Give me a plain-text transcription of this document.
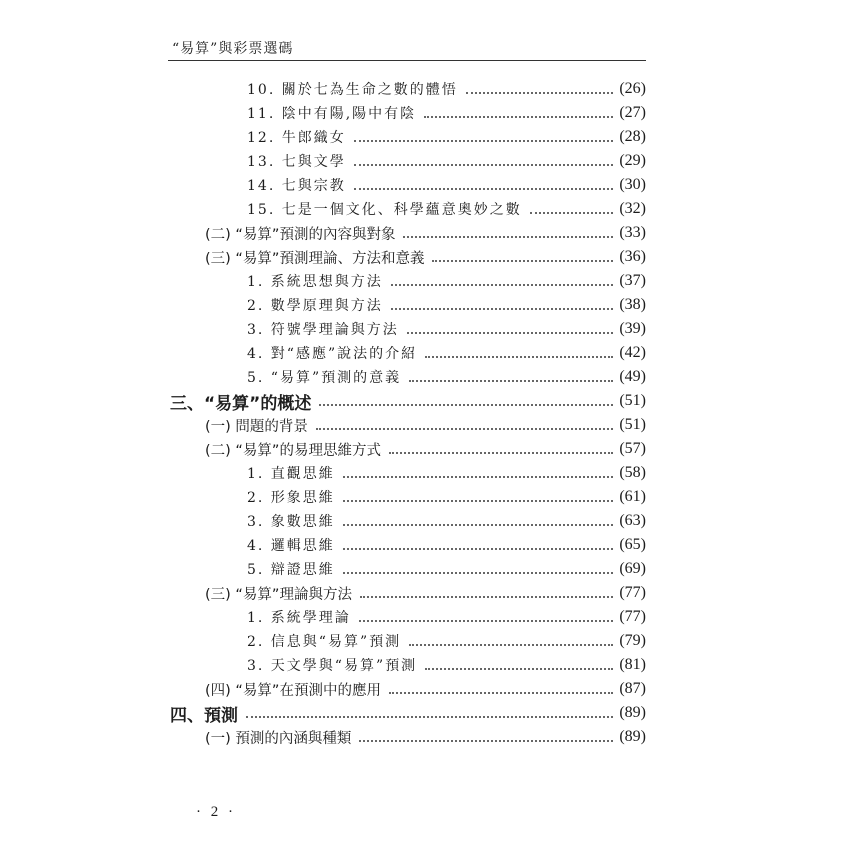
“易算”與彩票選碼
10. 關於七為生命之數的體悟	(26)
11. 陰中有陽,陽中有陰	(27)
12. 牛郎織女	(28)
13. 七與文學	(29)
14. 七與宗教	(30)
15. 七是一個文化、科學蘊意奧妙之數	(32)
(二) “易算”預測的內容與對象	(33)
(三) “易算”預測理論、方法和意義	(36)
1. 系統思想與方法	(37)
2. 數學原理與方法	(38)
3. 符號學理論與方法	(39)
4. 對“感應”說法的介紹	(42)
5. “易算”預測的意義	(49)
三、“易算”的概述	(51)
(一) 問題的背景	(51)
(二) “易算”的易理思維方式	(57)
1. 直觀思維	(58)
2. 形象思維	(61)
3. 象數思維	(63)
4. 邏輯思維	(65)
5. 辯證思維	(69)
(三) “易算”理論與方法	(77)
1. 系統學理論	(77)
2. 信息與“易算”預測	(79)
3. 天文學與“易算”預測	(81)
(四) “易算”在預測中的應用	(87)
四、預測	(89)
(一) 預測的內涵與種類	(89)
· 2 ·
